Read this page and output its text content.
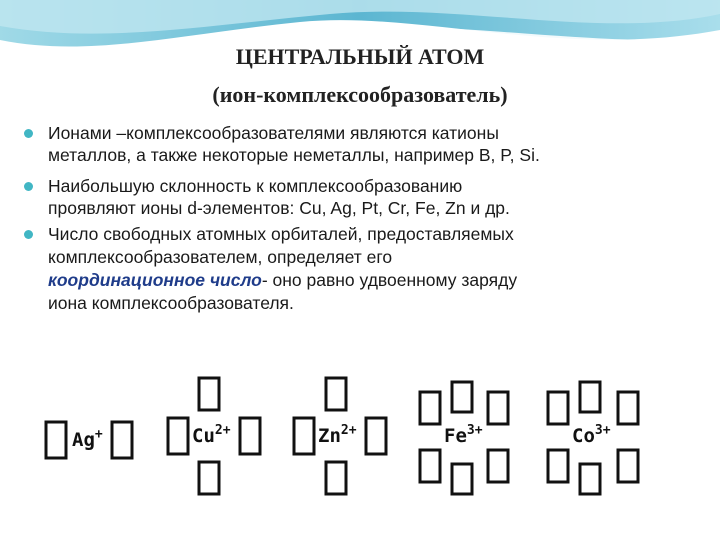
ЦЕНТРАЛЬНЫЙ АТОМ
(ион-комплексообразователь)
Ионами –комплексообразователями являются катионы
металлов, а также некоторые неметаллы, например B, P, Si.
Наибольшую склонность к комплексообразованию
проявляют ионы d-элементов: Cu, Ag, Pt, Cr, Fe, Zn и др.
Число свободных атомных орбиталей, предоставляемых
комплексообразователем, определяет его
координационное число- оно равно удвоенному заряду
иона комплексообразователя.
Ag+	$Cu^{2+}$	$Zn^{2+}$	$Fe^{3+}$	$Co^{3+}$
